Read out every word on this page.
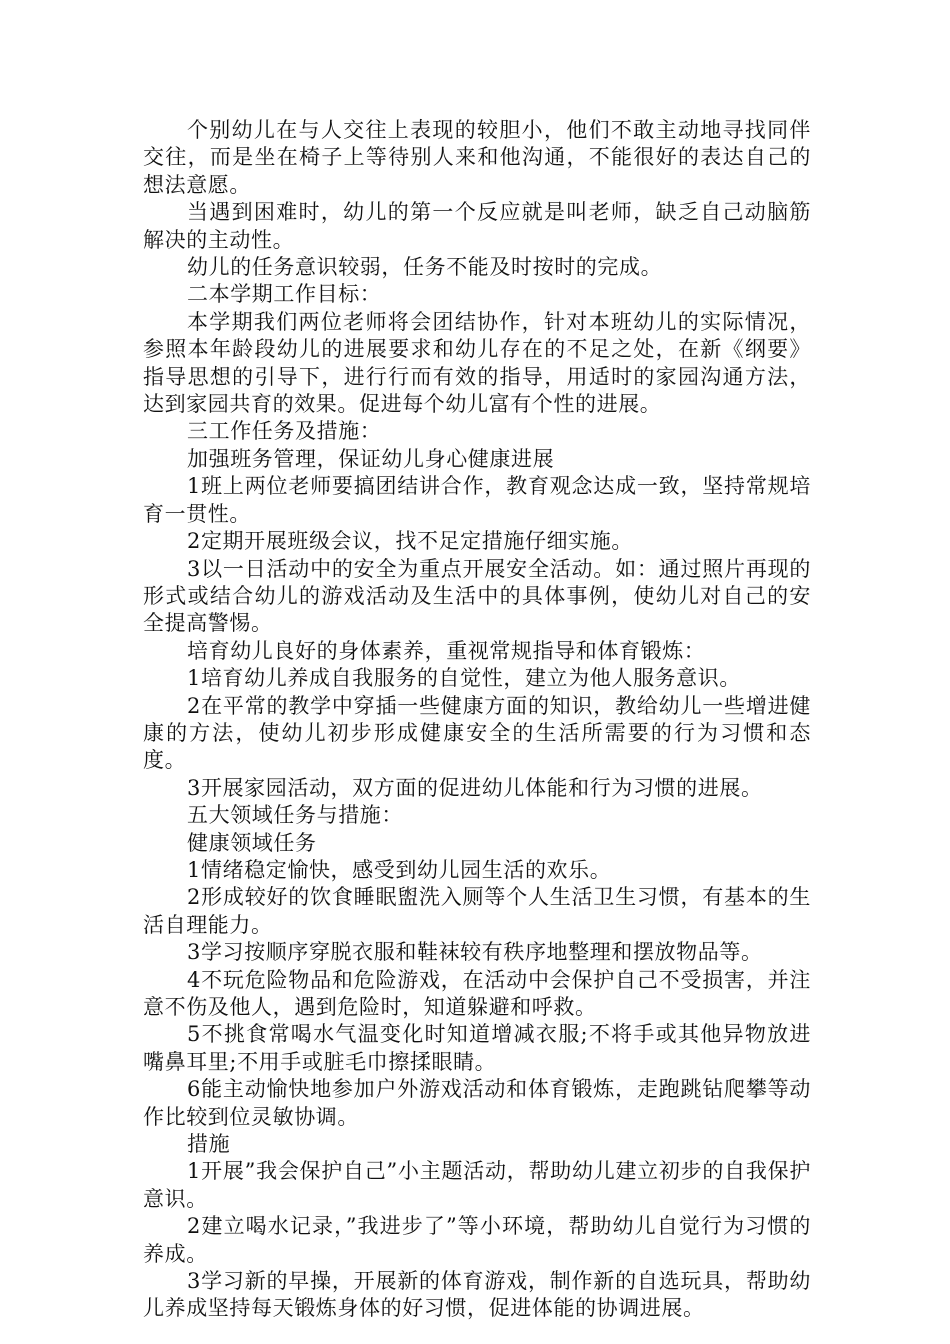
个别幼儿在与人交往上表现的较胆小，他们不敢主动地寻找同伴交往，而是坐在椅子上等待别人来和他沟通，不能很好的表达自己的想法意愿。

当遇到困难时，幼儿的第一个反应就是叫老师，缺乏自己动脑筋解决的主动性。

幼儿的任务意识较弱，任务不能及时按时的完成。

二本学期工作目标：

本学期我们两位老师将会团结协作，针对本班幼儿的实际情况，参照本年龄段幼儿的进展要求和幼儿存在的不足之处，在新《纲要》指导思想的引导下，进行行而有效的指导，用适时的家园沟通方法，达到家园共育的效果。促进每个幼儿富有个性的进展。

三工作任务及措施：

加强班务管理，保证幼儿身心健康进展

1班上两位老师要搞团结讲合作，教育观念达成一致，坚持常规培育一贯性。

2定期开展班级会议，找不足定措施仔细实施。

3以一日活动中的安全为重点开展安全活动。如：通过照片再现的形式或结合幼儿的游戏活动及生活中的具体事例，使幼儿对自己的安全提高警惕。

培育幼儿良好的身体素养，重视常规指导和体育锻炼：

1培育幼儿养成自我服务的自觉性，建立为他人服务意识。

2在平常的教学中穿插一些健康方面的知识，教给幼儿一些增进健康的方法，使幼儿初步形成健康安全的生活所需要的行为习惯和态度。

3开展家园活动，双方面的促进幼儿体能和行为习惯的进展。

五大领域任务与措施：

健康领域任务

1情绪稳定愉快，感受到幼儿园生活的欢乐。

2形成较好的饮食睡眠盥洗入厕等个人生活卫生习惯，有基本的生活自理能力。

3学习按顺序穿脱衣服和鞋袜较有秩序地整理和摆放物品等。

4不玩危险物品和危险游戏，在活动中会保护自己不受损害，并注意不伤及他人，遇到危险时，知道躲避和呼救。

5不挑食常喝水气温变化时知道增减衣服;不将手或其他异物放进嘴鼻耳里;不用手或脏毛巾擦揉眼睛。

6能主动愉快地参加户外游戏活动和体育锻炼，走跑跳钻爬攀等动作比较到位灵敏协调。

措施

1开展”我会保护自己”小主题活动，帮助幼儿建立初步的自我保护意识。

2建立喝水记录，”我进步了”等小环境，帮助幼儿自觉行为习惯的养成。

3学习新的早操，开展新的体育游戏，制作新的自选玩具，帮助幼儿养成坚持每天锻炼身体的好习惯，促进体能的协调进展。
